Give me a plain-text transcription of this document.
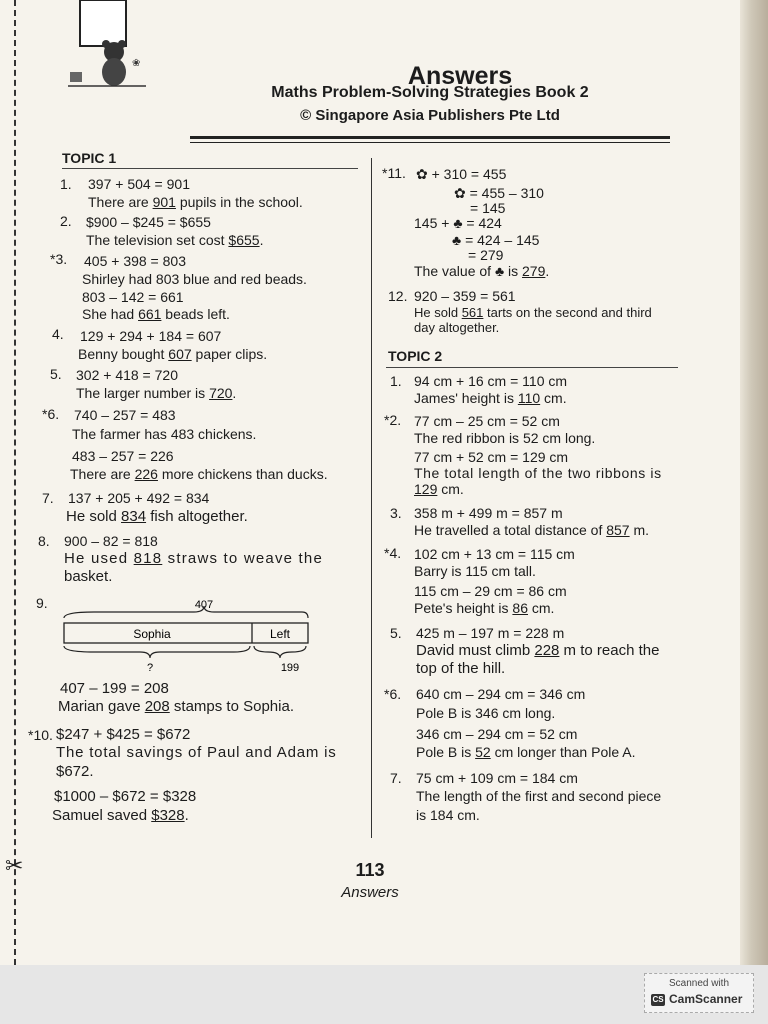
✂
❀	Answers
Maths Problem-Solving Strategies Book 2
© Singapore Asia Publishers Pte Ltd
TOPIC 1
1. 397 + 504 = 901
There are 901 pupils in the school.
2. $900 – $245 = $655
The television set cost $655.
*3. 405 + 398 = 803
Shirley had 803 blue and red beads.
803 – 142 = 661
She had 661 beads left.
4. 129 + 294 + 184 = 607
Benny bought 607 paper clips.
5. 302 + 418 = 720
The larger number is 720.
*6. 740 – 257 = 483
The farmer has 483 chickens.
483 – 257 = 226
There are 226 more chickens than ducks.
7. 137 + 205 + 492 = 834
He sold 834 fish altogether.
8. 900 – 82 = 818
He used 818 straws to weave the
basket.
9.	407
Sophia	Left
?	199
407 – 199 = 208
Marian gave 208 stamps to Sophia.
*10. $247 + $425 = $672
The total savings of Paul and Adam is
$672.
$1000 – $672 = $328
Samuel saved $328.
*11. ✿ + 310 = 455
✿ = 455 – 310
= 145
145 + ♣ = 424
♣ = 424 – 145
= 279
The value of ♣ is 279.
12. 920 – 359 = 561
He sold 561 tarts on the second and third
day altogether.
TOPIC 2
1. 94 cm + 16 cm = 110 cm
James' height is 110 cm.
*2. 77 cm – 25 cm = 52 cm
The red ribbon is 52 cm long.
77 cm + 52 cm = 129 cm
The total length of the two ribbons is
129 cm.
3. 358 m + 499 m = 857 m
He travelled a total distance of 857 m.
*4. 102 cm + 13 cm = 115 cm
Barry is 115 cm tall.
115 cm – 29 cm = 86 cm
Pete's height is 86 cm.
5. 425 m – 197 m = 228 m
David must climb 228 m to reach the
top of the hill.
*6. 640 cm – 294 cm = 346 cm
Pole B is 346 cm long.
346 cm – 294 cm = 52 cm
Pole B is 52 cm longer than Pole A.
7. 75 cm + 109 cm = 184 cm
The length of the first and second piece
is 184 cm.
113
Answers
Scanned with
CS CamScanner
